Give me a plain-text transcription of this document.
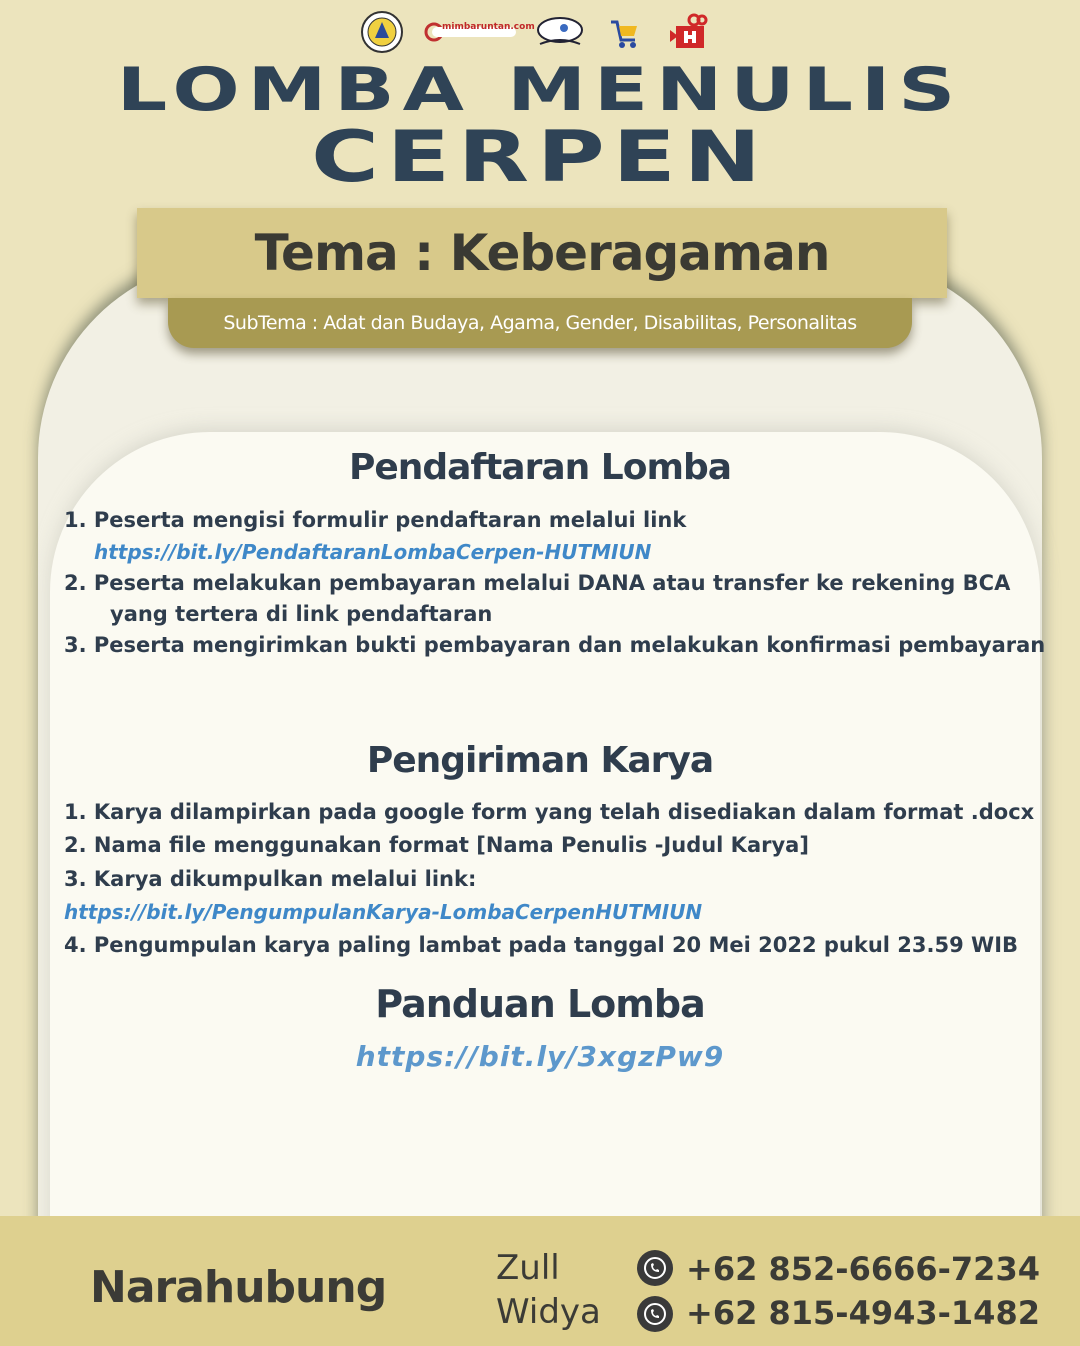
mimbaruntan.com
LOMBA MENULIS
CERPEN
Tema : Keberagaman
SubTema : Adat dan Budaya, Agama, Gender, Disabilitas, Personalitas
Pendaftaran Lomba
1. Peserta mengisi formulir pendaftaran melalui link
https://bit.ly/PendaftaranLombaCerpen-HUTMIUN
2. Peserta melakukan pembayaran melalui DANA atau transfer ke rekening BCA
yang tertera di link pendaftaran
3. Peserta mengirimkan bukti pembayaran dan melakukan konfirmasi pembayaran
Pengiriman Karya
1. Karya dilampirkan pada google form yang telah disediakan dalam format .docx
2. Nama file menggunakan format [Nama Penulis -Judul Karya]
3. Karya dikumpulkan melalui link:
https://bit.ly/PengumpulanKarya-LombaCerpenHUTMIUN
4. Pengumpulan karya paling lambat pada tanggal 20 Mei 2022 pukul 23.59 WIB
Panduan Lomba
https://bit.ly/3xgzPw9
Narahubung	Zull	+62 852-6666-7234
Widya	+62 815-4943-1482
